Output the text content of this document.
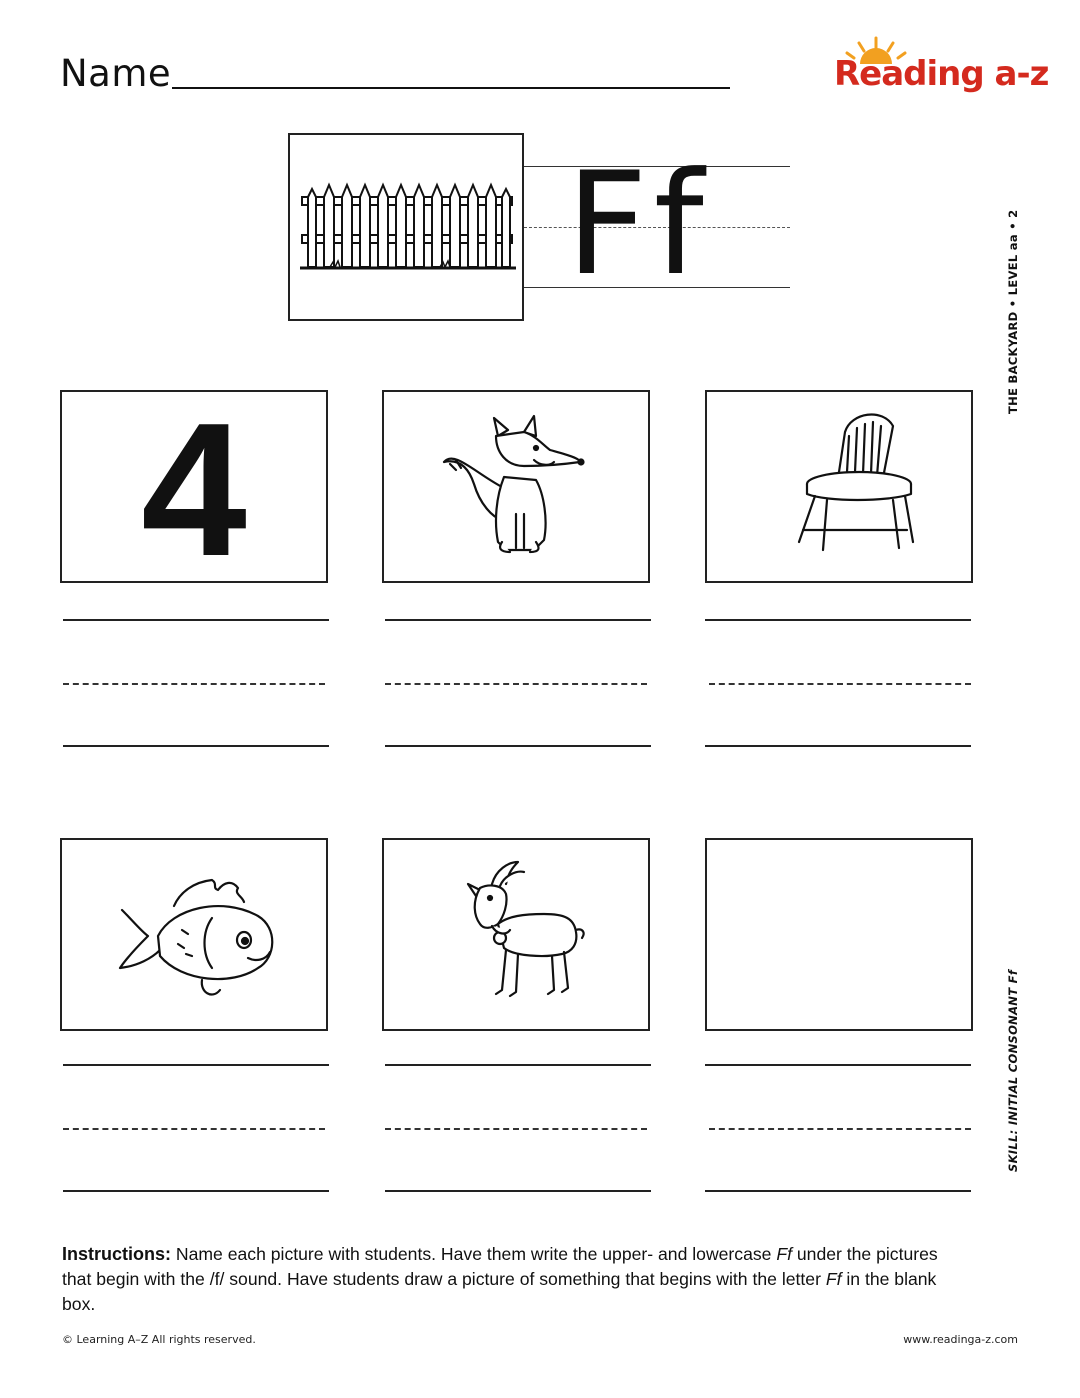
Name	Reading a-z
Ff	THE BACKYARD • LEVEL aa • 2
SKILL: INITIAL CONSONANT Ff
4
Instructions: Name each picture with students. Have them write the upper- and lowercase Ff under the pictures that begin with the /f/ sound. Have students draw a picture of something that begins with the letter Ff in the blank box.
© Learning A–Z All rights reserved.	www.readinga-z.com
